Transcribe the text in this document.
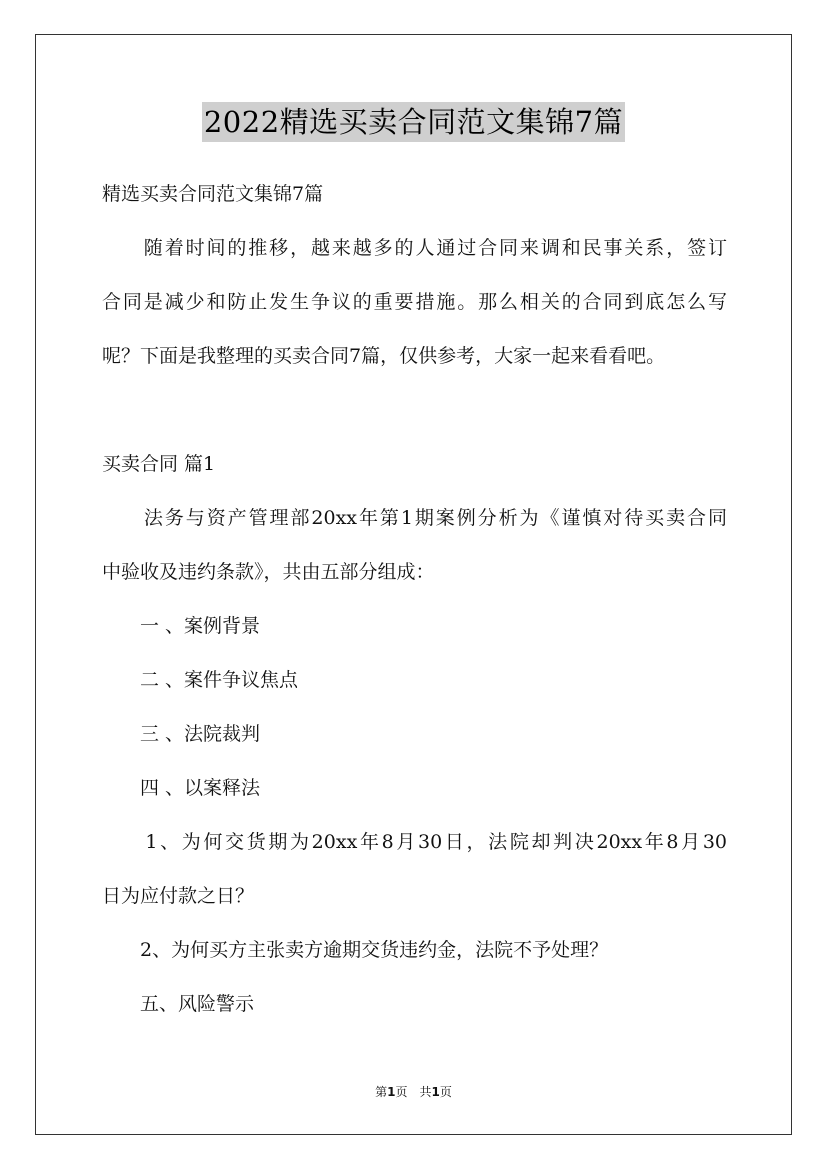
2022精选买卖合同范文集锦7篇
精选买卖合同范文集锦7篇
　　随着时间的推移，越来越多的人通过合同来调和民事关系，签订
合同是减少和防止发生争议的重要措施。那么相关的合同到底怎么写
呢？下面是我整理的买卖合同7篇，仅供参考，大家一起来看看吧。
买卖合同 篇1
　　法务与资产管理部20xx年第1期案例分析为《谨慎对待买卖合同
中验收及违约条款》，共由五部分组成：
　　一 、案例背景
　　二 、案件争议焦点
　　三 、法院裁判
　　四 、以案释法
　　1、为何交货期为20xx年8月30日，法院却判决20xx年8月30
日为应付款之日？
　　2、为何买方主张卖方逾期交货违约金，法院不予处理？
　　五、风险警示
第1页　共1页
